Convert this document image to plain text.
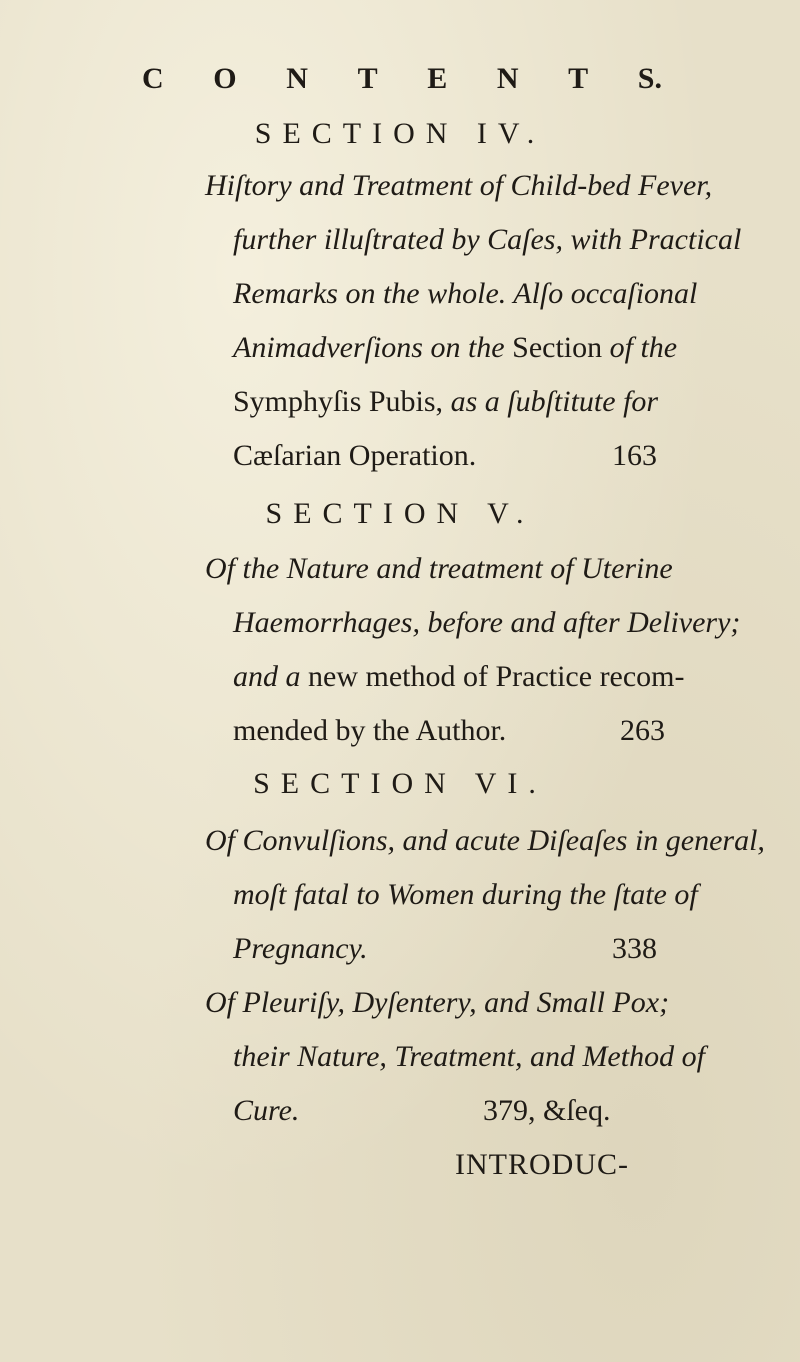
C O N T E N T S.
SECTION IV.
Hiſtory and Treatment of Child-bed Fever,
further illuſtrated by Caſes, with Practical
Remarks on the whole. Alſo occaſional
Animadverſions on the Section of the
Symphyſis Pubis, as a ſubſtitute for
Cæſarian Operation.	163
SECTION V.
Of the Nature and treatment of Uterine
Haemorrhages, before and after Delivery;
and a new method of Practice recom-
mended by the Author.	263
SECTION VI.
Of Convulſions, and acute Diſeaſes in general,
moſt fatal to Women during the ſtate of
Pregnancy.	338
Of Pleuriſy, Dyſentery, and Small Pox;
their Nature, Treatment, and Method of
Cure.	379, &ſeq.
INTRODUC-
